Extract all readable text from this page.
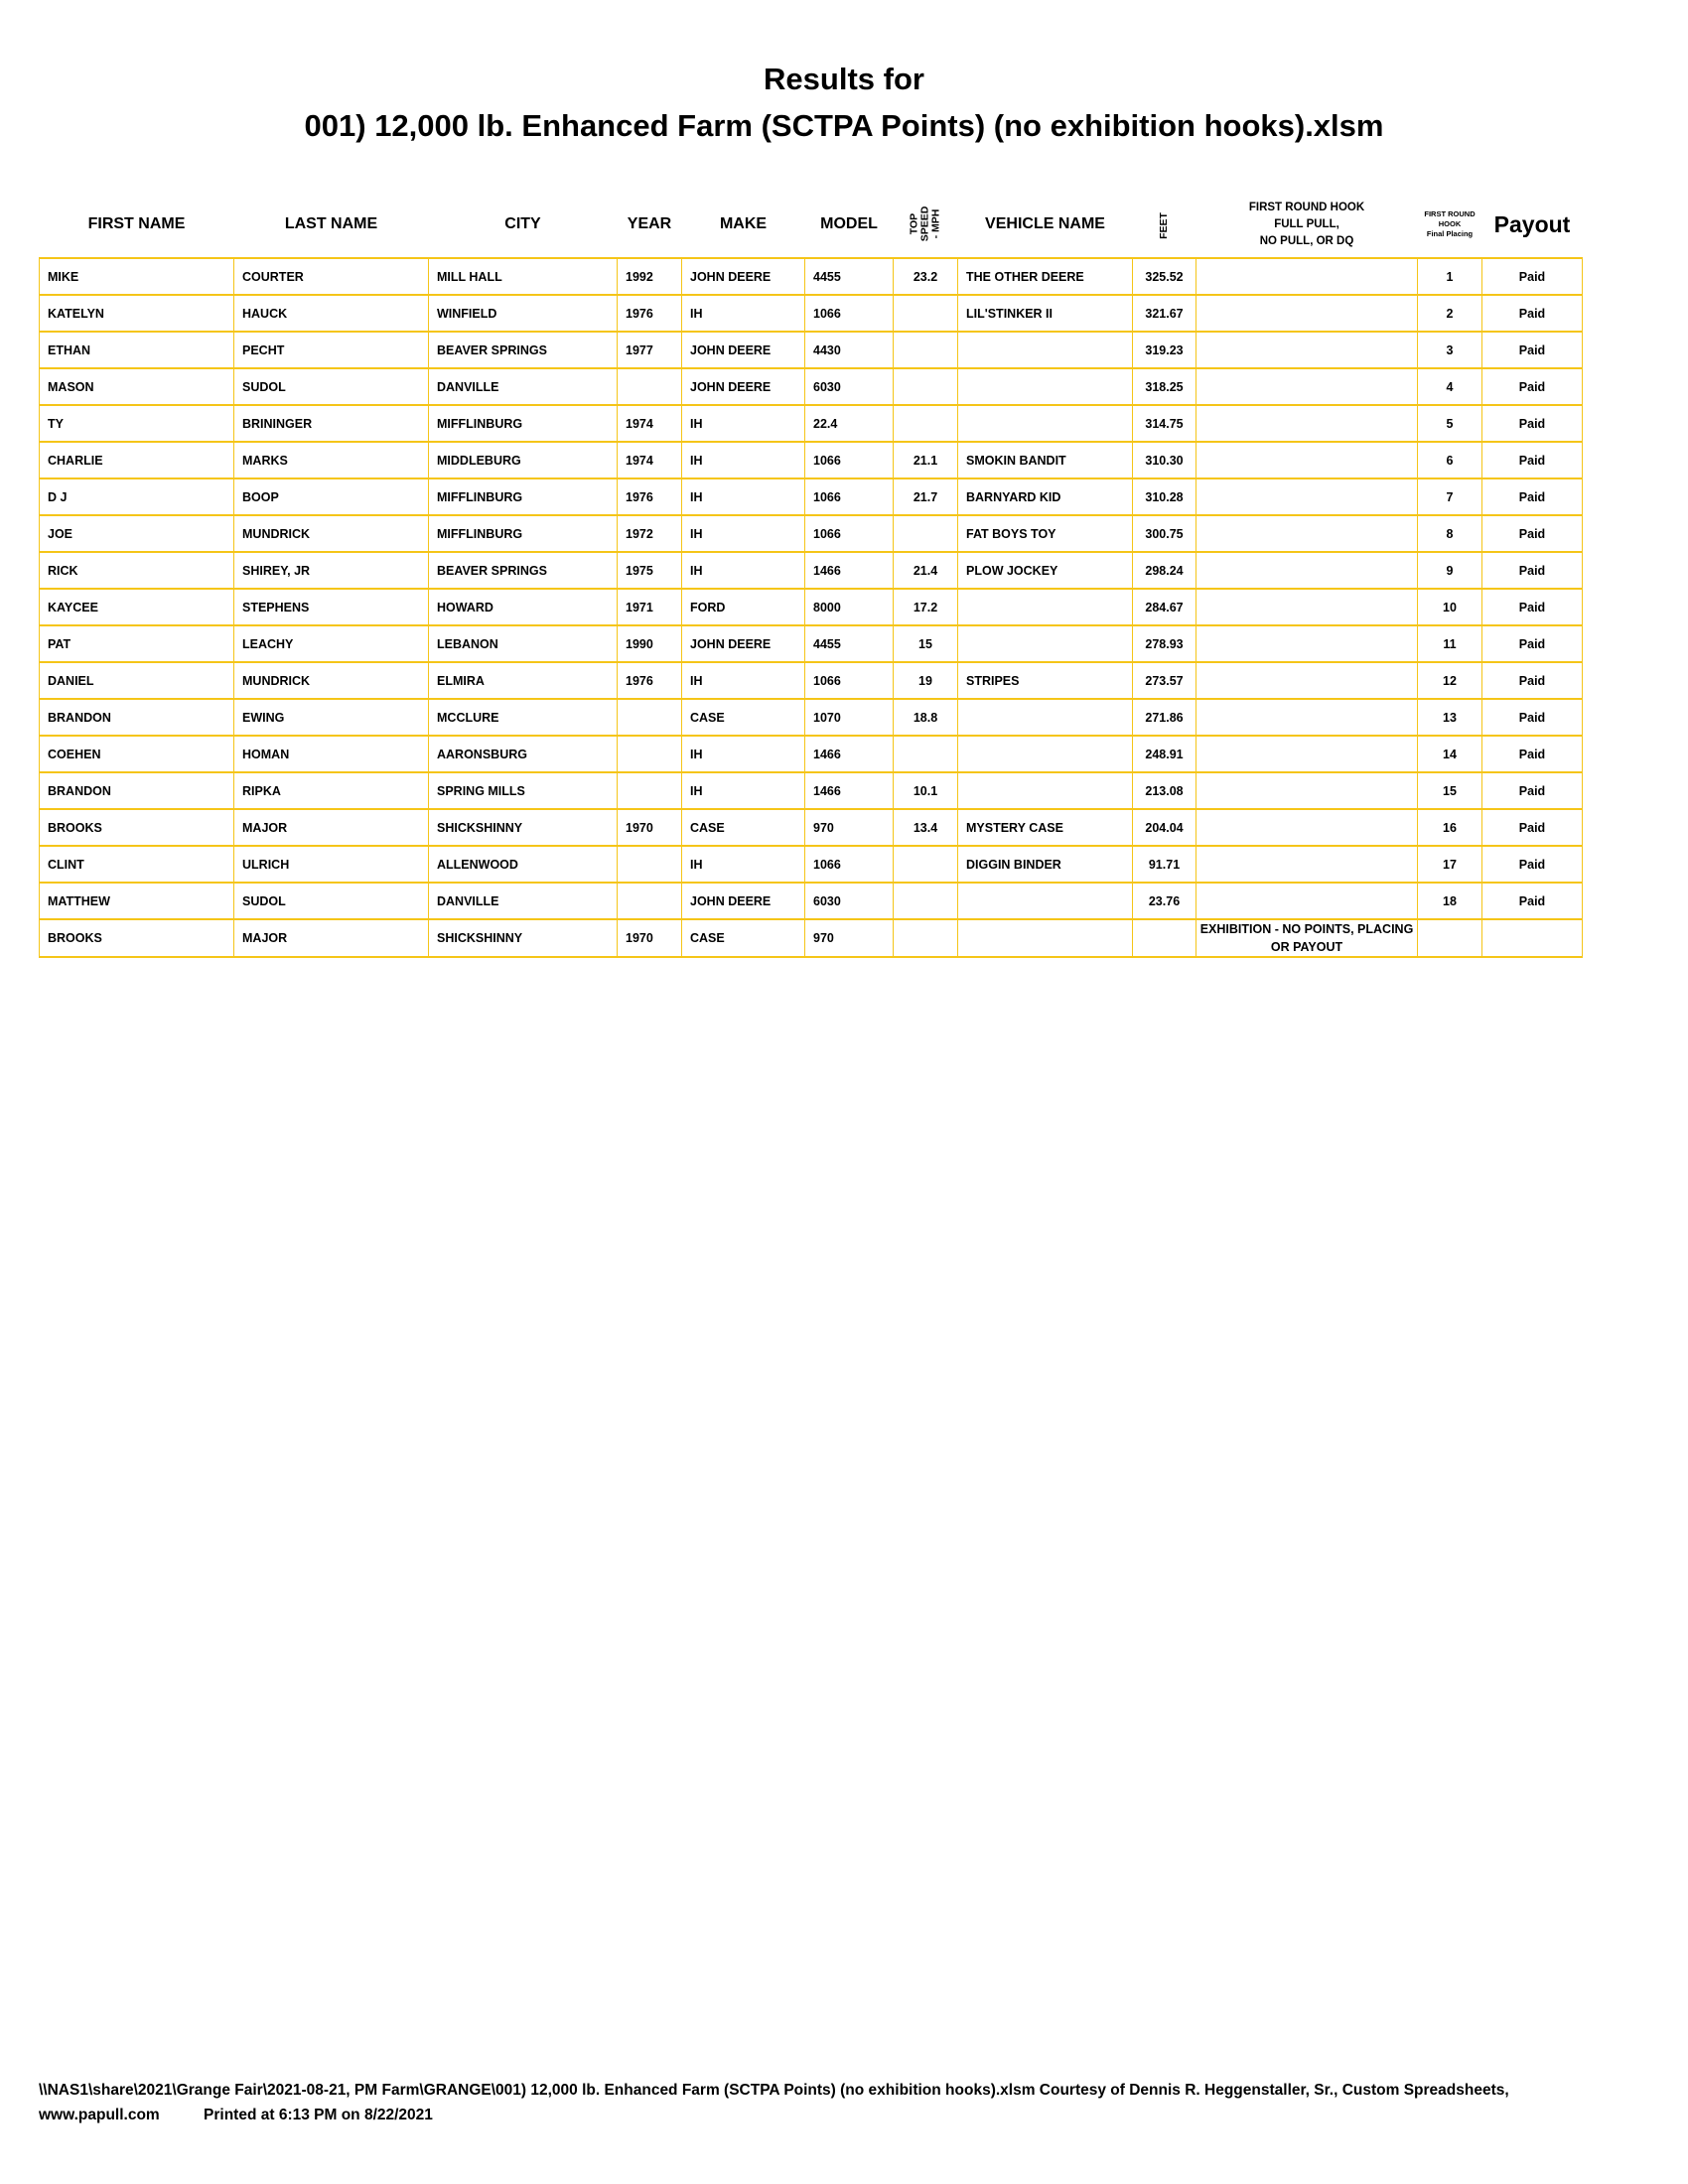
Results for
001) 12,000 lb. Enhanced Farm (SCTPA Points) (no exhibition hooks).xlsm
FIRST NAME	LAST NAME	CITY	YEAR	MAKE	MODEL	TOP
SPEED
- MPH	VEHICLE NAME	FEET	FIRST ROUND HOOK
FULL PULL,
NO PULL, OR DQ	FIRST ROUND
HOOK
Final Placing	Payout
MIKE	COURTER	MILL HALL	1992	JOHN DEERE	4455	23.2	THE OTHER DEERE	325.52		1	Paid
KATELYN	HAUCK	WINFIELD	1976	IH	1066		LIL'STINKER II	321.67		2	Paid
ETHAN	PECHT	BEAVER SPRINGS	1977	JOHN DEERE	4430			319.23		3	Paid
MASON	SUDOL	DANVILLE		JOHN DEERE	6030			318.25		4	Paid
TY	BRININGER	MIFFLINBURG	1974	IH	22.4			314.75		5	Paid
CHARLIE	MARKS	MIDDLEBURG	1974	IH	1066	21.1	SMOKIN BANDIT	310.30		6	Paid
D J	BOOP	MIFFLINBURG	1976	IH	1066	21.7	BARNYARD KID	310.28		7	Paid
JOE	MUNDRICK	MIFFLINBURG	1972	IH	1066		FAT BOYS TOY	300.75		8	Paid
RICK	SHIREY, JR	BEAVER SPRINGS	1975	IH	1466	21.4	PLOW JOCKEY	298.24		9	Paid
KAYCEE	STEPHENS	HOWARD	1971	FORD	8000	17.2		284.67		10	Paid
PAT	LEACHY	LEBANON	1990	JOHN DEERE	4455	15		278.93		11	Paid
DANIEL	MUNDRICK	ELMIRA	1976	IH	1066	19	STRIPES	273.57		12	Paid
BRANDON	EWING	MCCLURE		CASE	1070	18.8		271.86		13	Paid
COEHEN	HOMAN	AARONSBURG		IH	1466			248.91		14	Paid
BRANDON	RIPKA	SPRING MILLS		IH	1466	10.1		213.08		15	Paid
BROOKS	MAJOR	SHICKSHINNY	1970	CASE	970	13.4	MYSTERY CASE	204.04		16	Paid
CLINT	ULRICH	ALLENWOOD		IH	1066		DIGGIN BINDER	91.71		17	Paid
MATTHEW	SUDOL	DANVILLE		JOHN DEERE	6030			23.76		18	Paid
BROOKS	MAJOR	SHICKSHINNY	1970	CASE	970				EXHIBITION - NO POINTS, PLACING OR PAYOUT		
\\NAS1\share\2021\Grange Fair\2021-08-21, PM Farm\GRANGE\001) 12,000 lb. Enhanced Farm (SCTPA Points) (no exhibition hooks).xlsm Courtesy of Dennis R. Heggenstaller, Sr., Custom Spreadsheets, www.papull.com	Printed at 6:13 PM on 8/22/2021
